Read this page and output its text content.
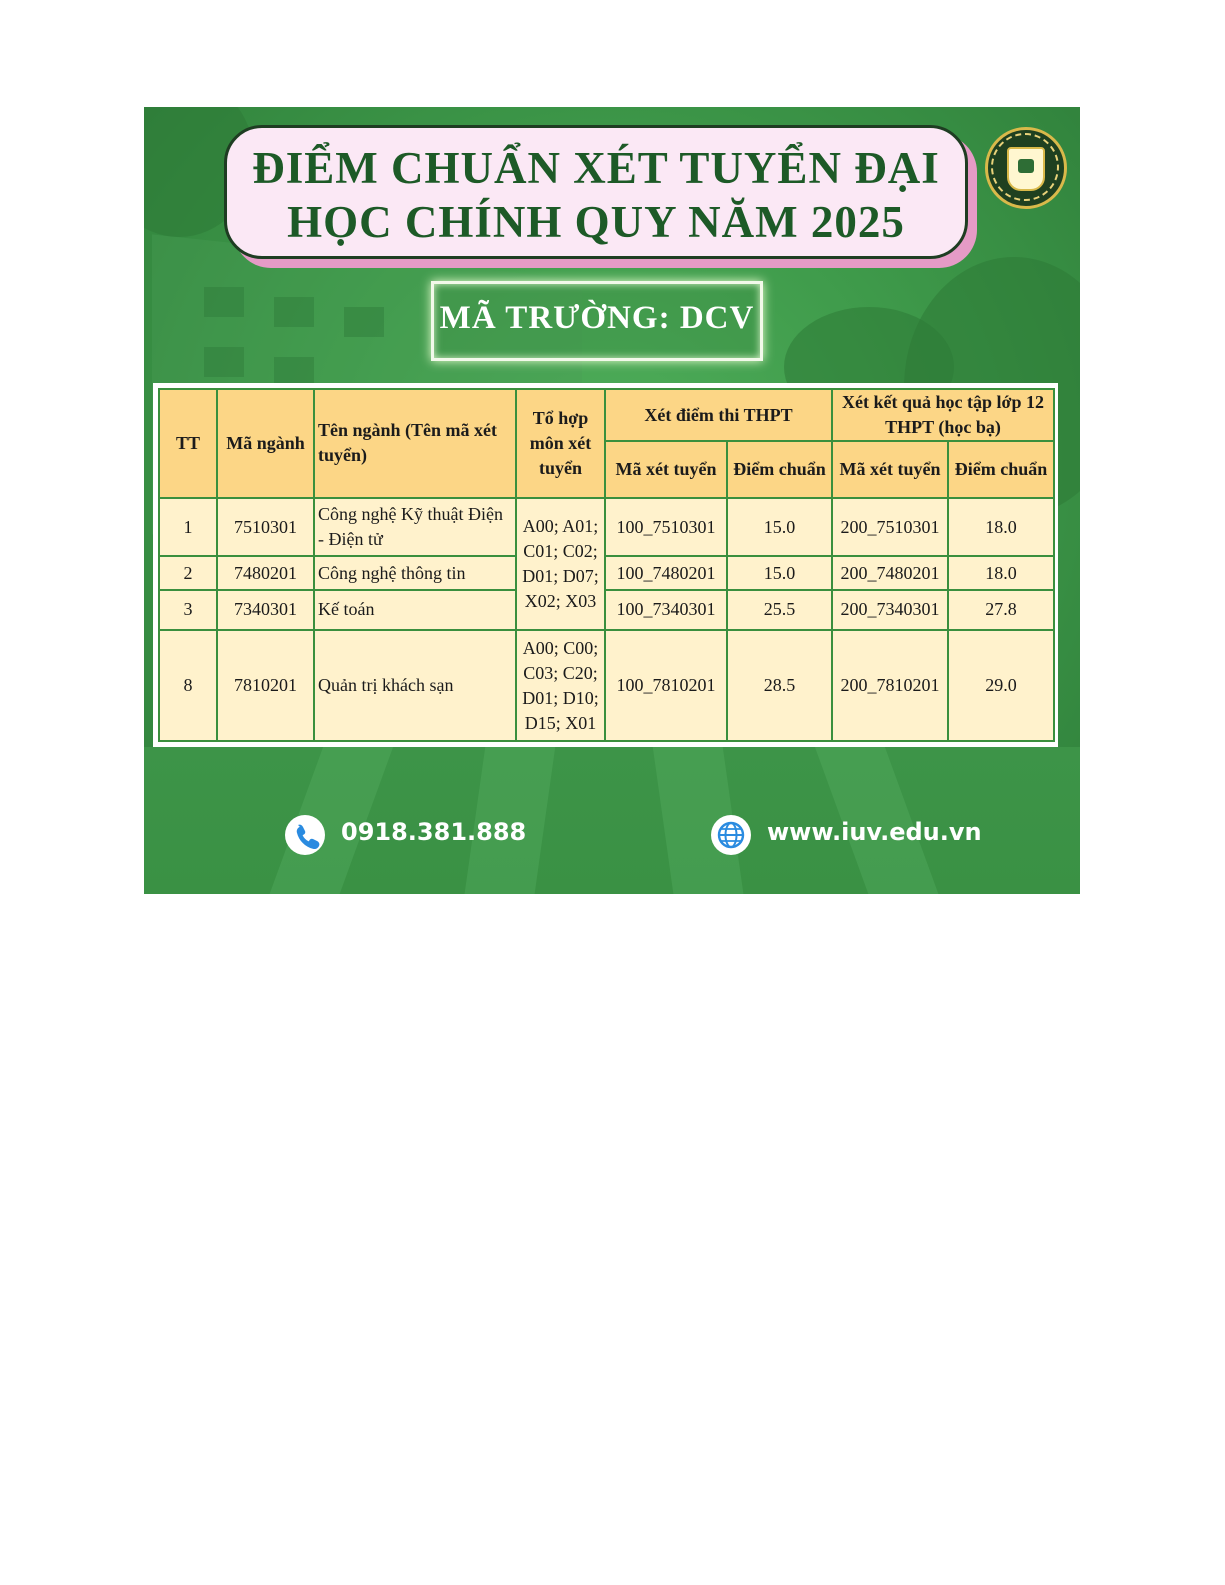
ĐIỂM CHUẨN XÉT TUYỂN ĐẠI
HỌC CHÍNH QUY NĂM 2025
MÃ TRƯỜNG: DCV
TT	Mã ngành	Tên ngành (Tên mã xét tuyển)	Tổ hợp môn xét tuyển	Xét điểm thi THPT		Xét kết quả học tập lớp 12 THPT (học bạ)	
				Mã xét tuyển	Điểm chuẩn	Mã xét tuyển	Điểm chuẩn
1	7510301	Công nghệ Kỹ thuật Điện - Điện tử	A00; A01; C01; C02; D01; D07; X02; X03	100_7510301	15.0	200_7510301	18.0
2	7480201	Công nghệ thông tin		100_7480201	15.0	200_7480201	18.0
3	7340301	Kế toán		100_7340301	25.5	200_7340301	27.8
8	7810201	Quản trị khách sạn	A00; C00; C03; C20; D01; D10; D15; X01	100_7810201	28.5	200_7810201	29.0
0918.381.888	www.iuv.edu.vn
